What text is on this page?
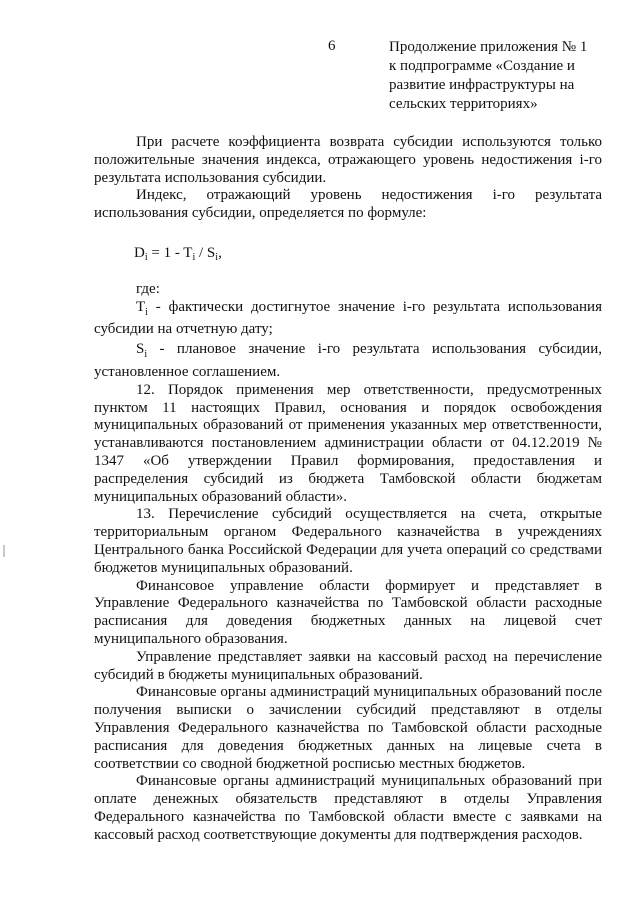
6	Продолжение приложения № 1
к подпрограмме «Создание и
развитие инфраструктуры на
сельских территориях»

При расчете коэффициента возврата субсидии используются только положительные значения индекса, отражающего уровень недостижения i-го результата использования субсидии.

Индекс, отражающий уровень недостижения i-го результата использования субсидии, определяется по формуле:

$D_i = 1 - T_i / S_i$,

где:

$T_i$ - фактически достигнутое значение i-го результата использования субсидии на отчетную дату;

$S_i$ - плановое значение i-го результата использования субсидии, установленное соглашением.

12. Порядок применения мер ответственности, предусмотренных пунктом 11 настоящих Правил, основания и порядок освобождения муниципальных образований от применения указанных мер ответственности, устанавливаются постановлением администрации области от 04.12.2019 № 1347 «Об утверждении Правил формирования, предоставления и распределения субсидий из бюджета Тамбовской области бюджетам муниципальных образований области».

13. Перечисление субсидий осуществляется на счета, открытые территориальным органом Федерального казначейства в учреждениях Центрального банка Российской Федерации для учета операций со средствами бюджетов муниципальных образований.

Финансовое управление области формирует и представляет в Управление Федерального казначейства по Тамбовской области расходные расписания для доведения бюджетных данных на лицевой счет муниципального образования.

Управление представляет заявки на кассовый расход на перечисление субсидий в бюджеты муниципальных образований.

Финансовые органы администраций муниципальных образований после получения выписки о зачислении субсидий представляют в отделы Управления Федерального казначейства по Тамбовской области расходные расписания для доведения бюджетных данных на лицевые счета в соответствии со сводной бюджетной росписью местных бюджетов.

Финансовые органы администраций муниципальных образований при оплате денежных обязательств представляют в отделы Управления Федерального казначейства по Тамбовской области вместе с заявками на кассовый расход соответствующие документы для подтверждения расходов.
